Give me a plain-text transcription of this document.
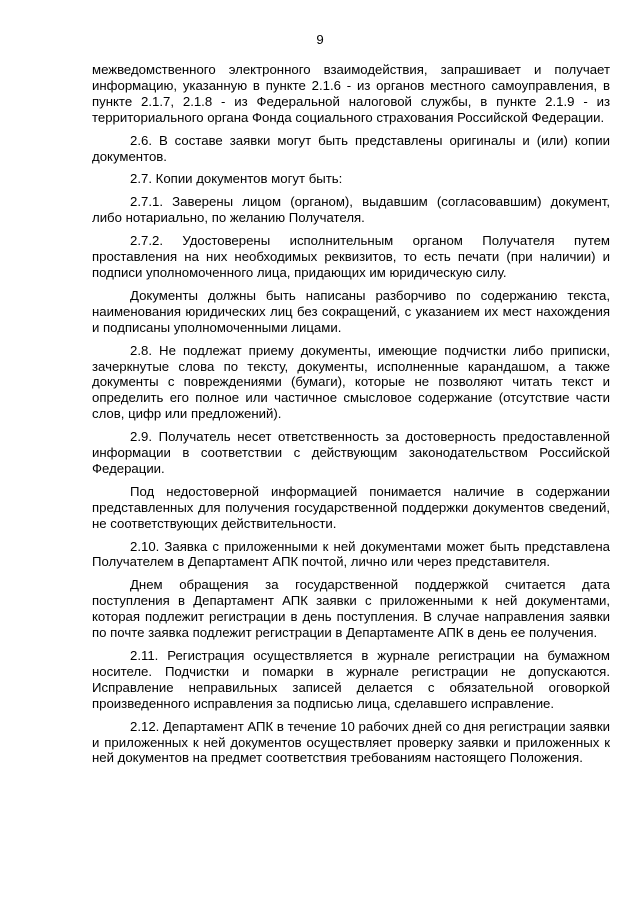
9

межведомственного электронного взаимодействия, запрашивает и получает информацию, указанную в пункте 2.1.6 - из органов местного самоуправления, в пункте 2.1.7, 2.1.8 - из Федеральной налоговой службы, в пункте 2.1.9 - из территориального органа Фонда социального страхования Российской Федерации.

2.6. В составе заявки могут быть представлены оригиналы и (или) копии документов.

2.7. Копии документов могут быть:

2.7.1. Заверены лицом (органом), выдавшим (согласовавшим) документ, либо нотариально, по желанию Получателя.

2.7.2. Удостоверены исполнительным органом Получателя путем проставления на них необходимых реквизитов, то есть печати (при наличии) и подписи уполномоченного лица, придающих им юридическую силу.

Документы должны быть написаны разборчиво по содержанию текста, наименования юридических лиц без сокращений, с указанием их мест нахождения и подписаны уполномоченными лицами.

2.8. Не подлежат приему документы, имеющие подчистки либо приписки, зачеркнутые слова по тексту, документы, исполненные карандашом, а также документы с повреждениями (бумаги), которые не позволяют читать текст и определить его полное или частичное смысловое содержание (отсутствие части слов, цифр или предложений).

2.9. Получатель несет ответственность за достоверность предоставленной информации в соответствии с действующим законодательством Российской Федерации.

Под недостоверной информацией понимается наличие в содержании представленных для получения государственной поддержки документов сведений, не соответствующих действительности.

2.10. Заявка с приложенными к ней документами может быть представлена Получателем в Департамент АПК почтой, лично или через представителя.

Днем обращения за государственной поддержкой считается дата поступления в Департамент АПК заявки с приложенными к ней документами, которая подлежит регистрации в день поступления. В случае направления заявки по почте заявка подлежит регистрации в Департаменте АПК в день ее получения.

2.11. Регистрация осуществляется в журнале регистрации на бумажном носителе. Подчистки и помарки в журнале регистрации не допускаются. Исправление неправильных записей делается с обязательной оговоркой произведенного исправления за подписью лица, сделавшего исправление.

2.12. Департамент АПК в течение 10 рабочих дней со дня регистрации заявки и приложенных к ней документов осуществляет проверку заявки и приложенных к ней документов на предмет соответствия требованиям настоящего Положения.
